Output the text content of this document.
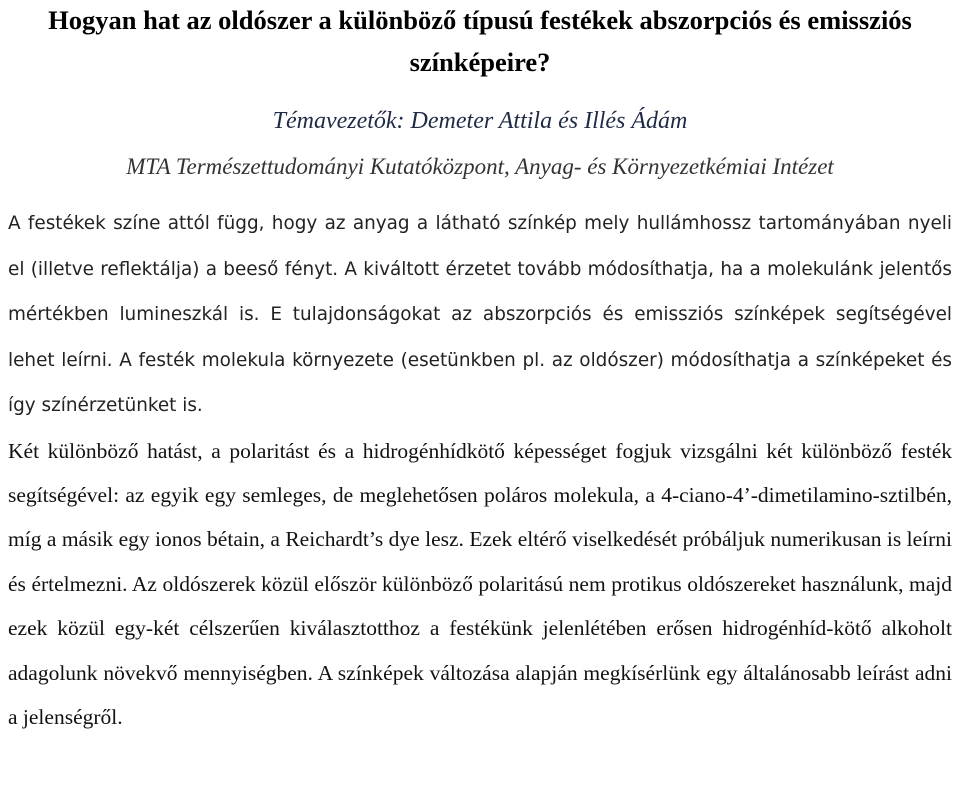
Hogyan hat az oldószer a különböző típusú festékek abszorpciós és emissziós színképeire?

Témavezetők: Demeter Attila és Illés Ádám

MTA Természettudományi Kutatóközpont, Anyag- és Környezetkémiai Intézet

A festékek színe attól függ, hogy az anyag a látható színkép mely hullámhossz tartományában nyeli el (illetve reflektálja) a beeső fényt. A kiváltott érzetet tovább módosíthatja, ha a molekulánk jelentős mértékben lumineszkál is. E tulajdonságokat az abszorpciós és emissziós színképek segítségével lehet leírni. A festék molekula környezete (esetünkben pl. az oldószer) módosíthatja a színképeket és így színérzetünket is.

Két különböző hatást, a polaritást és a hidrogénhídkötő képességet fogjuk vizsgálni két különböző festék segítségével: az egyik egy semleges, de meglehetősen poláros molekula, a 4-ciano-4’-dimetilamino-sztilbén, míg a másik egy ionos bétain, a Reichardt’s dye lesz. Ezek eltérő viselkedését próbáljuk numerikusan is leírni és értelmezni. Az oldószerek közül először különböző polaritású nem protikus oldószereket használunk, majd ezek közül egy-két célszerűen kiválasztotthoz a festékünk jelenlétében erősen hidrogénhíd-kötő alkoholt adagolunk növekvő mennyiségben. A színképek változása alapján megkísérlünk egy általánosabb leírást adni a jelenségről.
